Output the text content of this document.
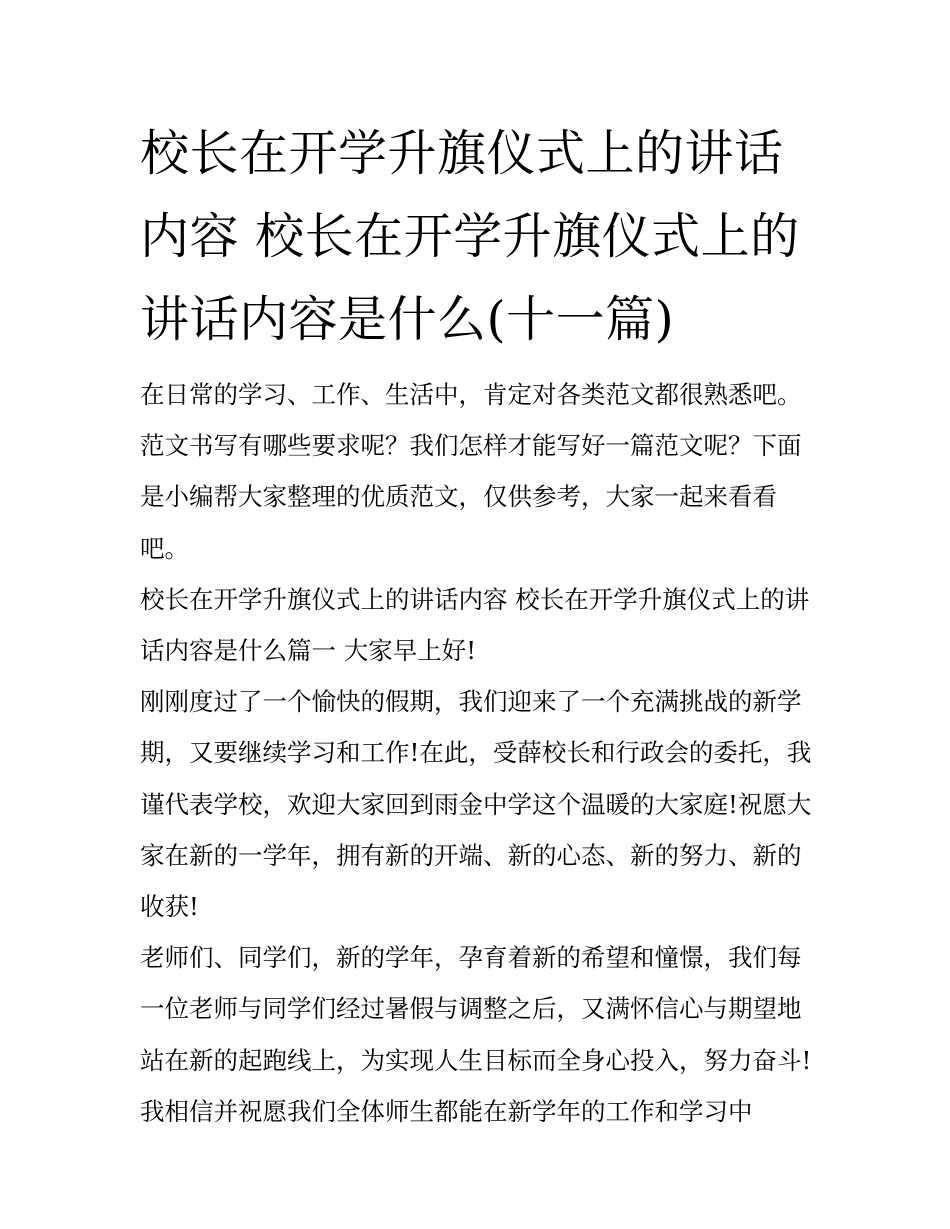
校长在开学升旗仪式上的讲话内容 校长在开学升旗仪式上的讲话内容是什么(十一篇)

在日常的学习、工作、生活中，肯定对各类范文都很熟悉吧。范文书写有哪些要求呢？我们怎样才能写好一篇范文呢？下面是小编帮大家整理的优质范文，仅供参考，大家一起来看看吧。

校长在开学升旗仪式上的讲话内容 校长在开学升旗仪式上的讲话内容是什么篇一 大家早上好!

刚刚度过了一个愉快的假期，我们迎来了一个充满挑战的新学期，又要继续学习和工作!在此，受薛校长和行政会的委托，我谨代表学校，欢迎大家回到雨金中学这个温暖的大家庭!祝愿大家在新的一学年，拥有新的开端、新的心态、新的努力、新的收获!

老师们、同学们，新的学年，孕育着新的希望和憧憬，我们每一位老师与同学们经过暑假与调整之后，又满怀信心与期望地站在新的起跑线上，为实现人生目标而全身心投入，努力奋斗!我相信并祝愿我们全体师生都能在新学年的工作和学习中
